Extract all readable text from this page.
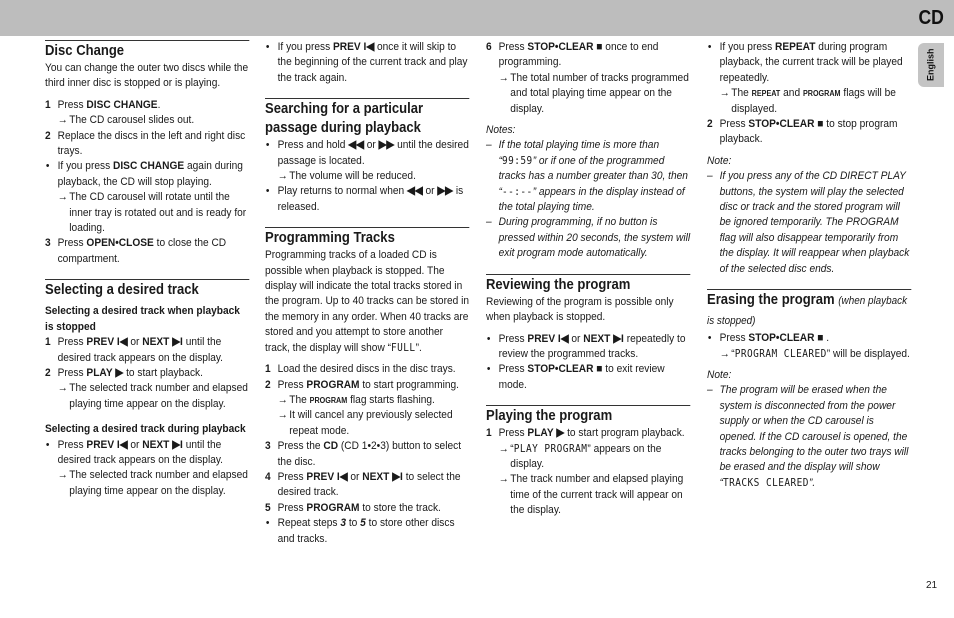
CD
English
21
Disc Change

You can change the outer two discs while the third inner disc is stopped or is playing.

1 Press DISC CHANGE.
→ The CD carousel slides out.
2 Replace the discs in the left and right disc trays.
• If you press DISC CHANGE again during playback, the CD will stop playing.
→ The CD carousel will rotate until the inner tray is rotated out and is ready for loading.
3 Press OPEN•CLOSE to close the CD compartment.
Selecting a desired track

Selecting a desired track when playback is stopped

1 Press PREV I◀ or NEXT ▶I until the desired track appears on the display.
2 Press PLAY ▶ to start playback.
→ The selected track number and elapsed playing time appear on the display.

Selecting a desired track during playback

• Press PREV I◀ or NEXT ▶I until the desired track appears on the display.
→ The selected track number and elapsed playing time appear on the display.
• If you press PREV I◀ once it will skip to the beginning of the current track and play the track again.
Searching for a particular passage during playback
• Press and hold ◀◀ or ▶▶ until the desired passage is located.
→ The volume will be reduced.
• Play returns to normal when ◀◀ or ▶▶ is released.
Programming Tracks

Programming tracks of a loaded CD is possible when playback is stopped. The display will indicate the total tracks stored in the program. Up to 40 tracks can be stored in the memory in any order. When 40 tracks are stored and you attempt to store another track, the display will show “FULL”.

1 Load the desired discs in the disc trays.
2 Press PROGRAM to start programming.
→ The PROGRAM flag starts flashing.
→ It will cancel any previously selected repeat mode.
3 Press the CD (CD 1•2•3) button to select the disc.
4 Press PREV I◀ or NEXT ▶I to select the desired track.
5 Press PROGRAM to store the track.
• Repeat steps 3 to 5 to store other discs and tracks.
6 Press STOP•CLEAR ■ once to end programming.
→ The total number of tracks programmed and total playing time appear on the display.

Notes:

– If the total playing time is more than “99:59” or if one of the programmed tracks has a number greater than 30, then “--:--” appears in the display instead of the total playing time.
– During programming, if no button is pressed within 20 seconds, the system will exit program mode automatically.
Reviewing the program

Reviewing of the program is possible only when playback is stopped.

• Press PREV I◀ or NEXT ▶I repeatedly to review the programmed tracks.
• Press STOP•CLEAR ■ to exit review mode.
Playing the program
1 Press PLAY ▶ to start program playback.
→ “PLAY PROGRAM” appears on the display.
→ The track number and elapsed playing time of the current track will appear on the display.
• If you press REPEAT during program playback, the current track will be played repeatedly.
→ The REPEAT and PROGRAM flags will be displayed.
2 Press STOP•CLEAR ■ to stop program playback.

Note:

– If you press any of the CD DIRECT PLAY buttons, the system will play the selected disc or track and the stored program will be ignored temporarily. The PROGRAM flag will also disappear temporarily from the display. It will reappear when playback of the selected disc ends.
Erasing the program (when playback is stopped)
• Press STOP•CLEAR ■ .
→ “PROGRAM CLEARED” will be displayed.

Note:

– The program will be erased when the system is disconnected from the power supply or when the CD carousel is opened. If the CD carousel is opened, the tracks belonging to the outer two trays will be erased and the display will show “TRACKS CLEARED”.
